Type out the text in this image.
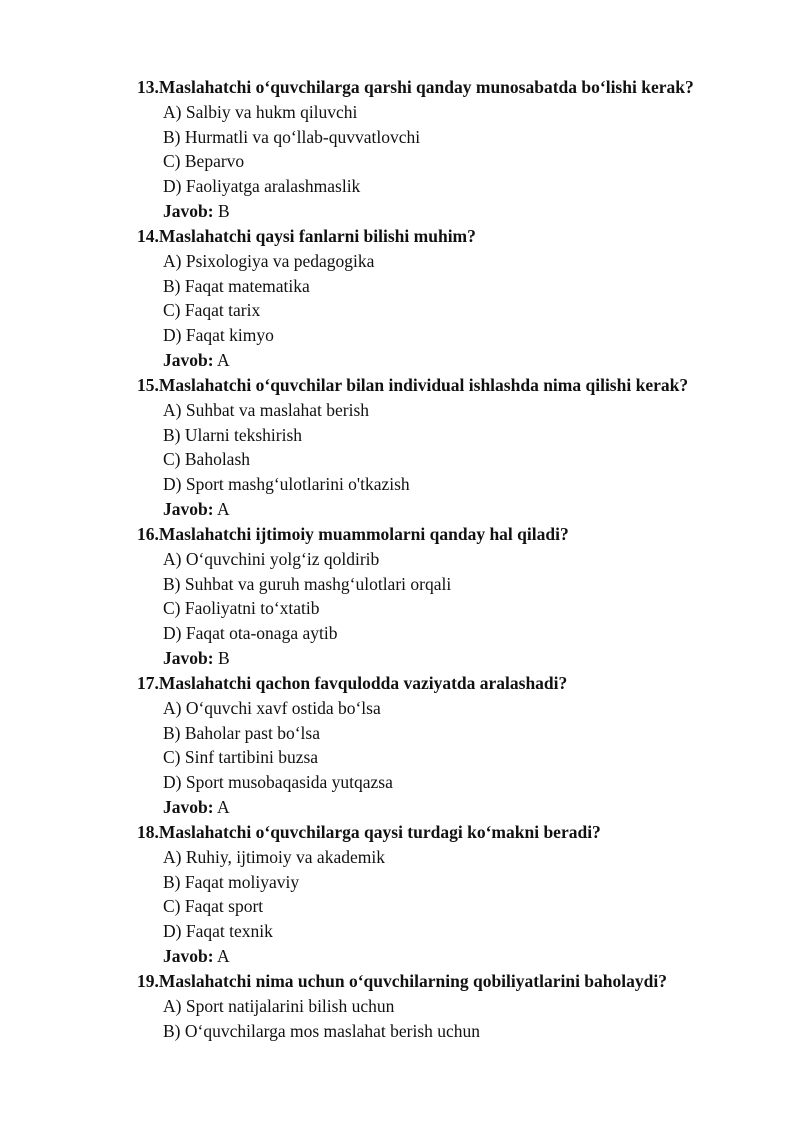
13.Maslahatchi o‘quvchilarga qarshi qanday munosabatda bo‘lishi kerak?
A) Salbiy va hukm qiluvchi
B) Hurmatli va qo‘llab-quvvatlovchi
C) Beparvo
D) Faoliyatga aralashmaslik
Javob: B
14.Maslahatchi qaysi fanlarni bilishi muhim?
A) Psixologiya va pedagogika
B) Faqat matematika
C) Faqat tarix
D) Faqat kimyo
Javob: A
15.Maslahatchi o‘quvchilar bilan individual ishlashda nima qilishi kerak?
A) Suhbat va maslahat berish
B) Ularni tekshirish
C) Baholash
D) Sport mashg‘ulotlarini o'tkazish
Javob: A
16.Maslahatchi ijtimoiy muammolarni qanday hal qiladi?
A) O‘quvchini yolg‘iz qoldirib
B) Suhbat va guruh mashg‘ulotlari orqali
C) Faoliyatni to‘xtatib
D) Faqat ota-onaga aytib
Javob: B
17.Maslahatchi qachon favqulodda vaziyatda aralashadi?
A) O‘quvchi xavf ostida bo‘lsa
B) Baholar past bo‘lsa
C) Sinf tartibini buzsa
D) Sport musobaqasida yutqazsa
Javob: A
18.Maslahatchi o‘quvchilarga qaysi turdagi ko‘makni beradi?
A) Ruhiy, ijtimoiy va akademik
B) Faqat moliyaviy
C) Faqat sport
D) Faqat texnik
Javob: A
19.Maslahatchi nima uchun o‘quvchilarning qobiliyatlarini baholaydi?
A) Sport natijalarini bilish uchun
B) O‘quvchilarga mos maslahat berish uchun
